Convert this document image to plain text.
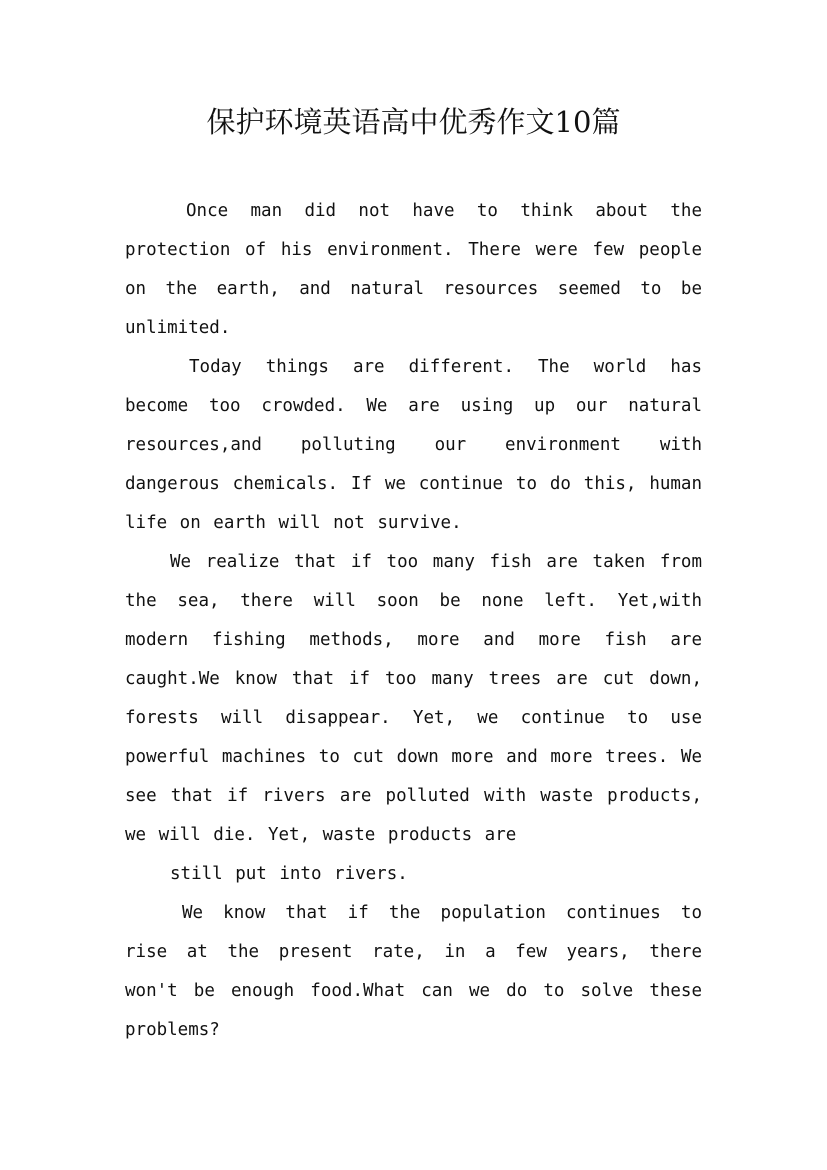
保护环境英语高中优秀作文10篇

Once man did not have to think about the protection of his environment. There were few people on the earth, and natural resources seemed to be unlimited.

Today things are different. The world has become too crowded. We are using up our natural resources,and polluting our environment with dangerous chemicals. If we continue to do this, human life on earth will not survive.

We realize that if too many fish are taken from the sea, there will soon be none left. Yet,with modern fishing methods, more and more fish are caught.We know that if too many trees are cut down, forests will disappear. Yet, we continue to use powerful machines to cut down more and more trees. We see that if rivers are polluted with waste products, we will die. Yet, waste products are

still put into rivers.

We know that if the population continues to rise at the present rate, in a few years, there won't be enough food.What can we do to solve these problems?
